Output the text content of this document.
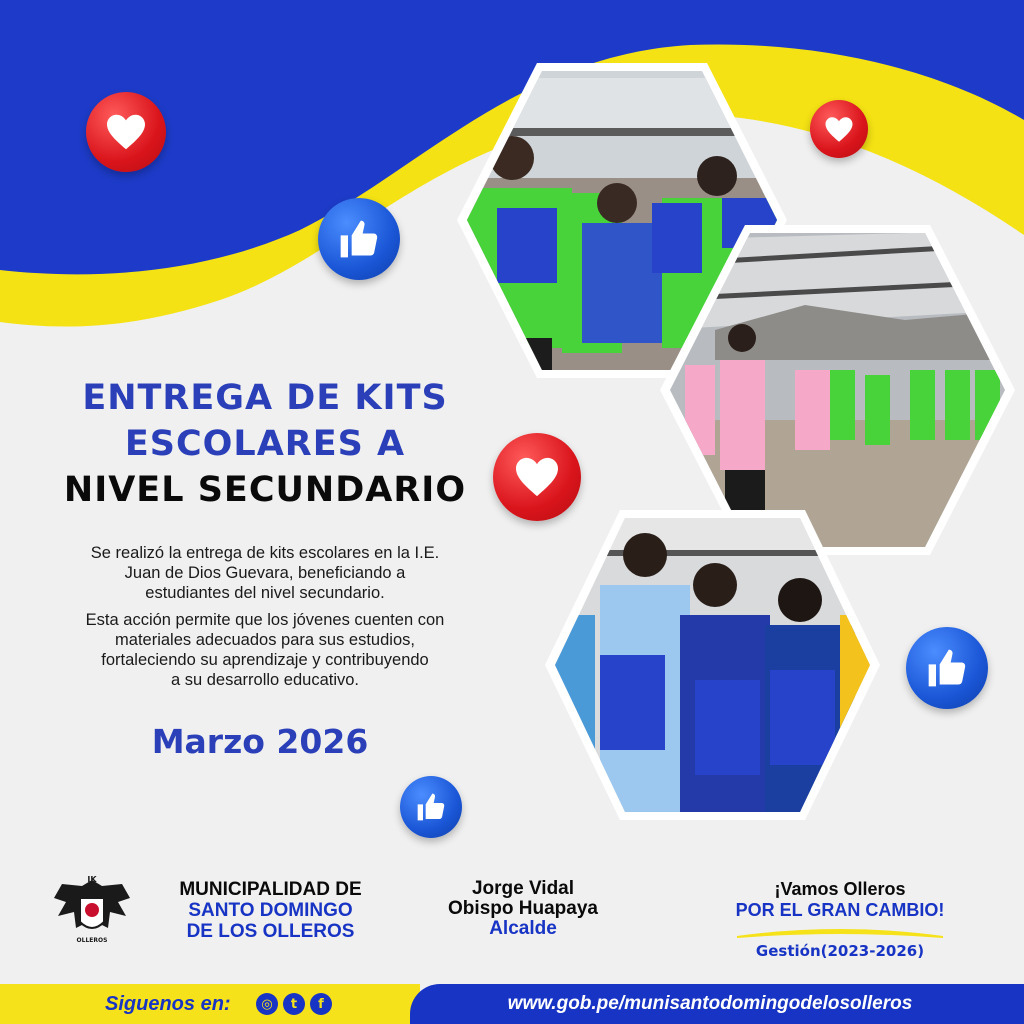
ENTREGA DE KITS
ESCOLARES A
NIVEL SECUNDARIO
Se realizó la entrega de kits escolares en la I.E.
Juan de Dios Guevara, beneficiando a
estudiantes del nivel secundario.
Esta acción permite que los jóvenes cuenten con
materiales adecuados para sus estudios,
fortaleciendo su aprendizaje y contribuyendo
a su desarrollo educativo.
Marzo 2026
IK
OLLEROS
MUNICIPALIDAD DE
SANTO DOMINGO
DE LOS OLLEROS
Jorge Vidal
Obispo Huapaya
Alcalde
¡Vamos Olleros
POR EL GRAN CAMBIO!
Gestión(2023-2026)
Siguenos en:	◎	t	f	www.gob.pe/munisantodomingodelosolleros
